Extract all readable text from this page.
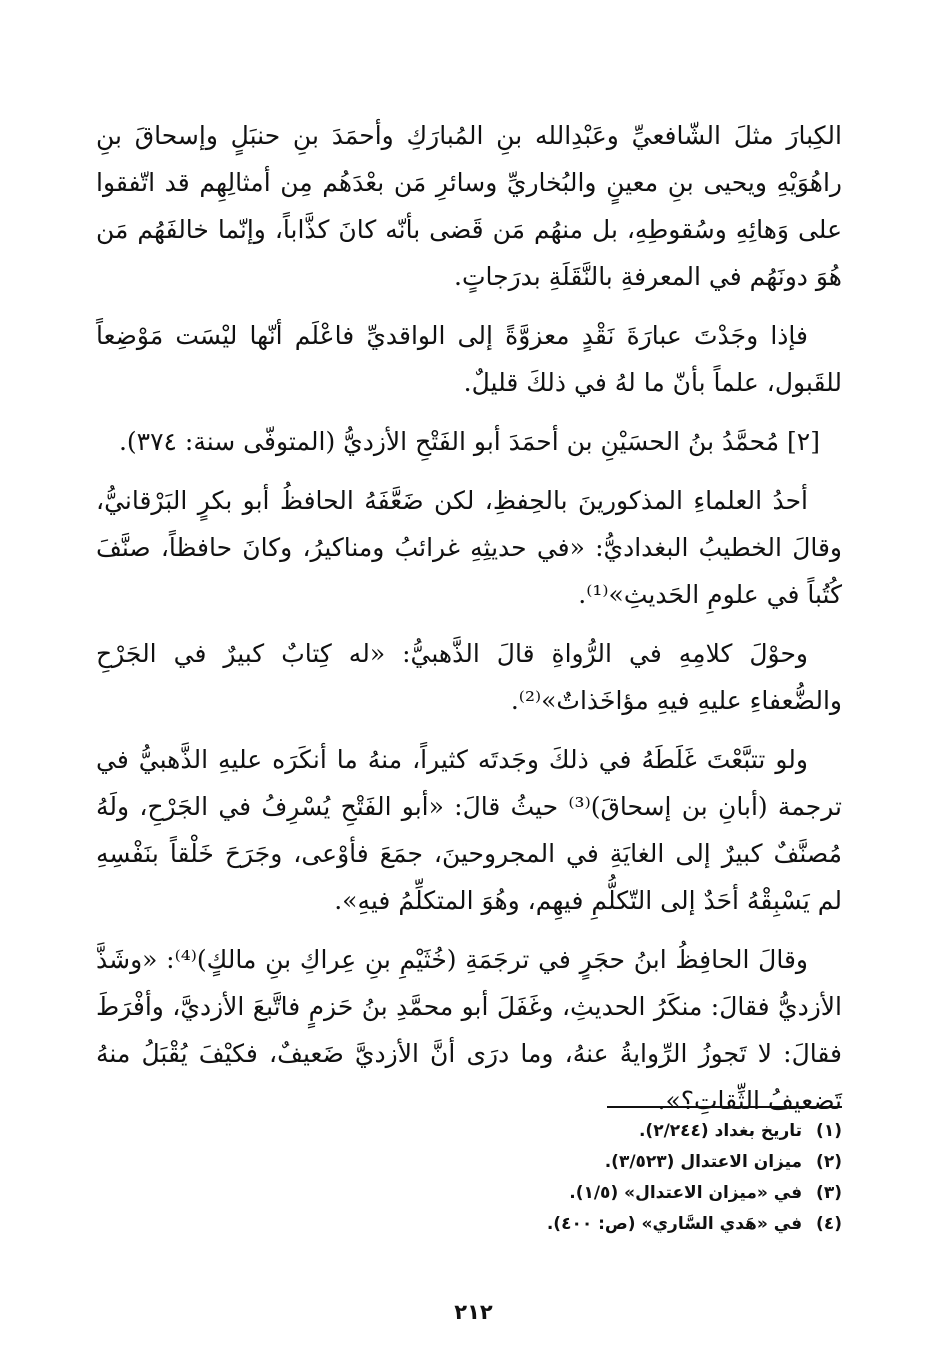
الكِبارَ مثلَ الشّافعيِّ وعَبْدِالله بنِ المُبارَكِ وأحمَدَ بنِ حنبَلٍ وإسحاقَ بنِ راهُوَيْهِ ويحيى بنِ معينٍ والبُخاريِّ وسائرِ مَن بعْدَهُم مِن أمثالِهِم قد اتّفقوا على وَهائِهِ وسُقوطِهِ، بل منهُم مَن قَضى بأنّه كانَ كذَّاباً، وإنّما خالفَهُم مَن هُوَ دونَهُم في المعرفةِ بالنَّقَلَةِ بدرَجاتٍ.

فإذا وجَدْتَ عبارَةَ نَقْدٍ معزوَّةً إلى الواقديِّ فاعْلَم أنّها ليْسَت مَوْضِعاً للقَبول، علماً بأنّ ما لهُ في ذلكَ قليلٌ.

[٢] مُحمَّدُ بنُ الحسَيْنِ بن أحمَدَ أبو الفَتْحِ الأزديُّ (المتوفّى سنة: ٣٧٤).

أحدُ العلماءِ المذكورينَ بالحِفظِ، لكن ضَعَّفَهُ الحافظُ أبو بكرٍ البَرْقانيُّ، وقالَ الخطيبُ البغداديُّ: «في حديثِهِ غرائبُ ومناكيرُ، وكانَ حافظاً، صنَّفَ كُتُباً في علومِ الحَديثِ»⁽¹⁾.

وحوْلَ كلامِهِ في الرُّواةِ قالَ الذَّهبيُّ: «له كِتابٌ كبيرٌ في الجَرْحِ والضُّعفاءِ عليهِ فيهِ مؤاخَذاتٌ»⁽²⁾.

ولو تتبَّعْتَ غَلَطَهُ في ذلكَ وجَدتَه كثيراً، منهُ ما أنكَرَه عليهِ الذَّهبيُّ في ترجمة (أبانِ بن إسحاقَ)⁽³⁾ حيثُ قالَ: «أبو الفَتْحِ يُسْرِفُ في الجَرْحِ، ولَهُ مُصنَّفٌ كبيرٌ إلى الغايَةِ في المجروحينَ، جمَعَ فأوْعى، وجَرَحَ خَلْقاً بنَفْسِهِ لم يَسْبِقْهُ أحَدٌ إلى التّكلُّمِ فيهِم، وهُوَ المتكلِّمُ فيهِ».

وقالَ الحافِظُ ابنُ حجَرٍ في ترجَمَةِ (خُثَيْمِ بنِ عِراكِ بنِ مالكٍ)⁽⁴⁾: «وشَذَّ الأزديُّ فقالَ: منكَرُ الحديثِ، وغَفَلَ أبو محمَّدِ بنُ حَزمٍ فاتَّبعَ الأزديَّ، وأفْرَطَ فقالَ: لا تَجوزُ الرِّوايةُ عنهُ، وما درَى أنَّ الأزديَّ ضَعيفٌ، فكيْفَ يُقْبَلُ منهُ تَضعيفُ الثِّقاتِ؟».

(١) تاريخ بغداد (٢/٢٤٤).

(٢) ميزان الاعتدال (٣/٥٢٣).

(٣) في «ميزان الاعتدال» (١/٥).

(٤) في «هَدي السَّاري» (ص: ٤٠٠).

٢١٢
